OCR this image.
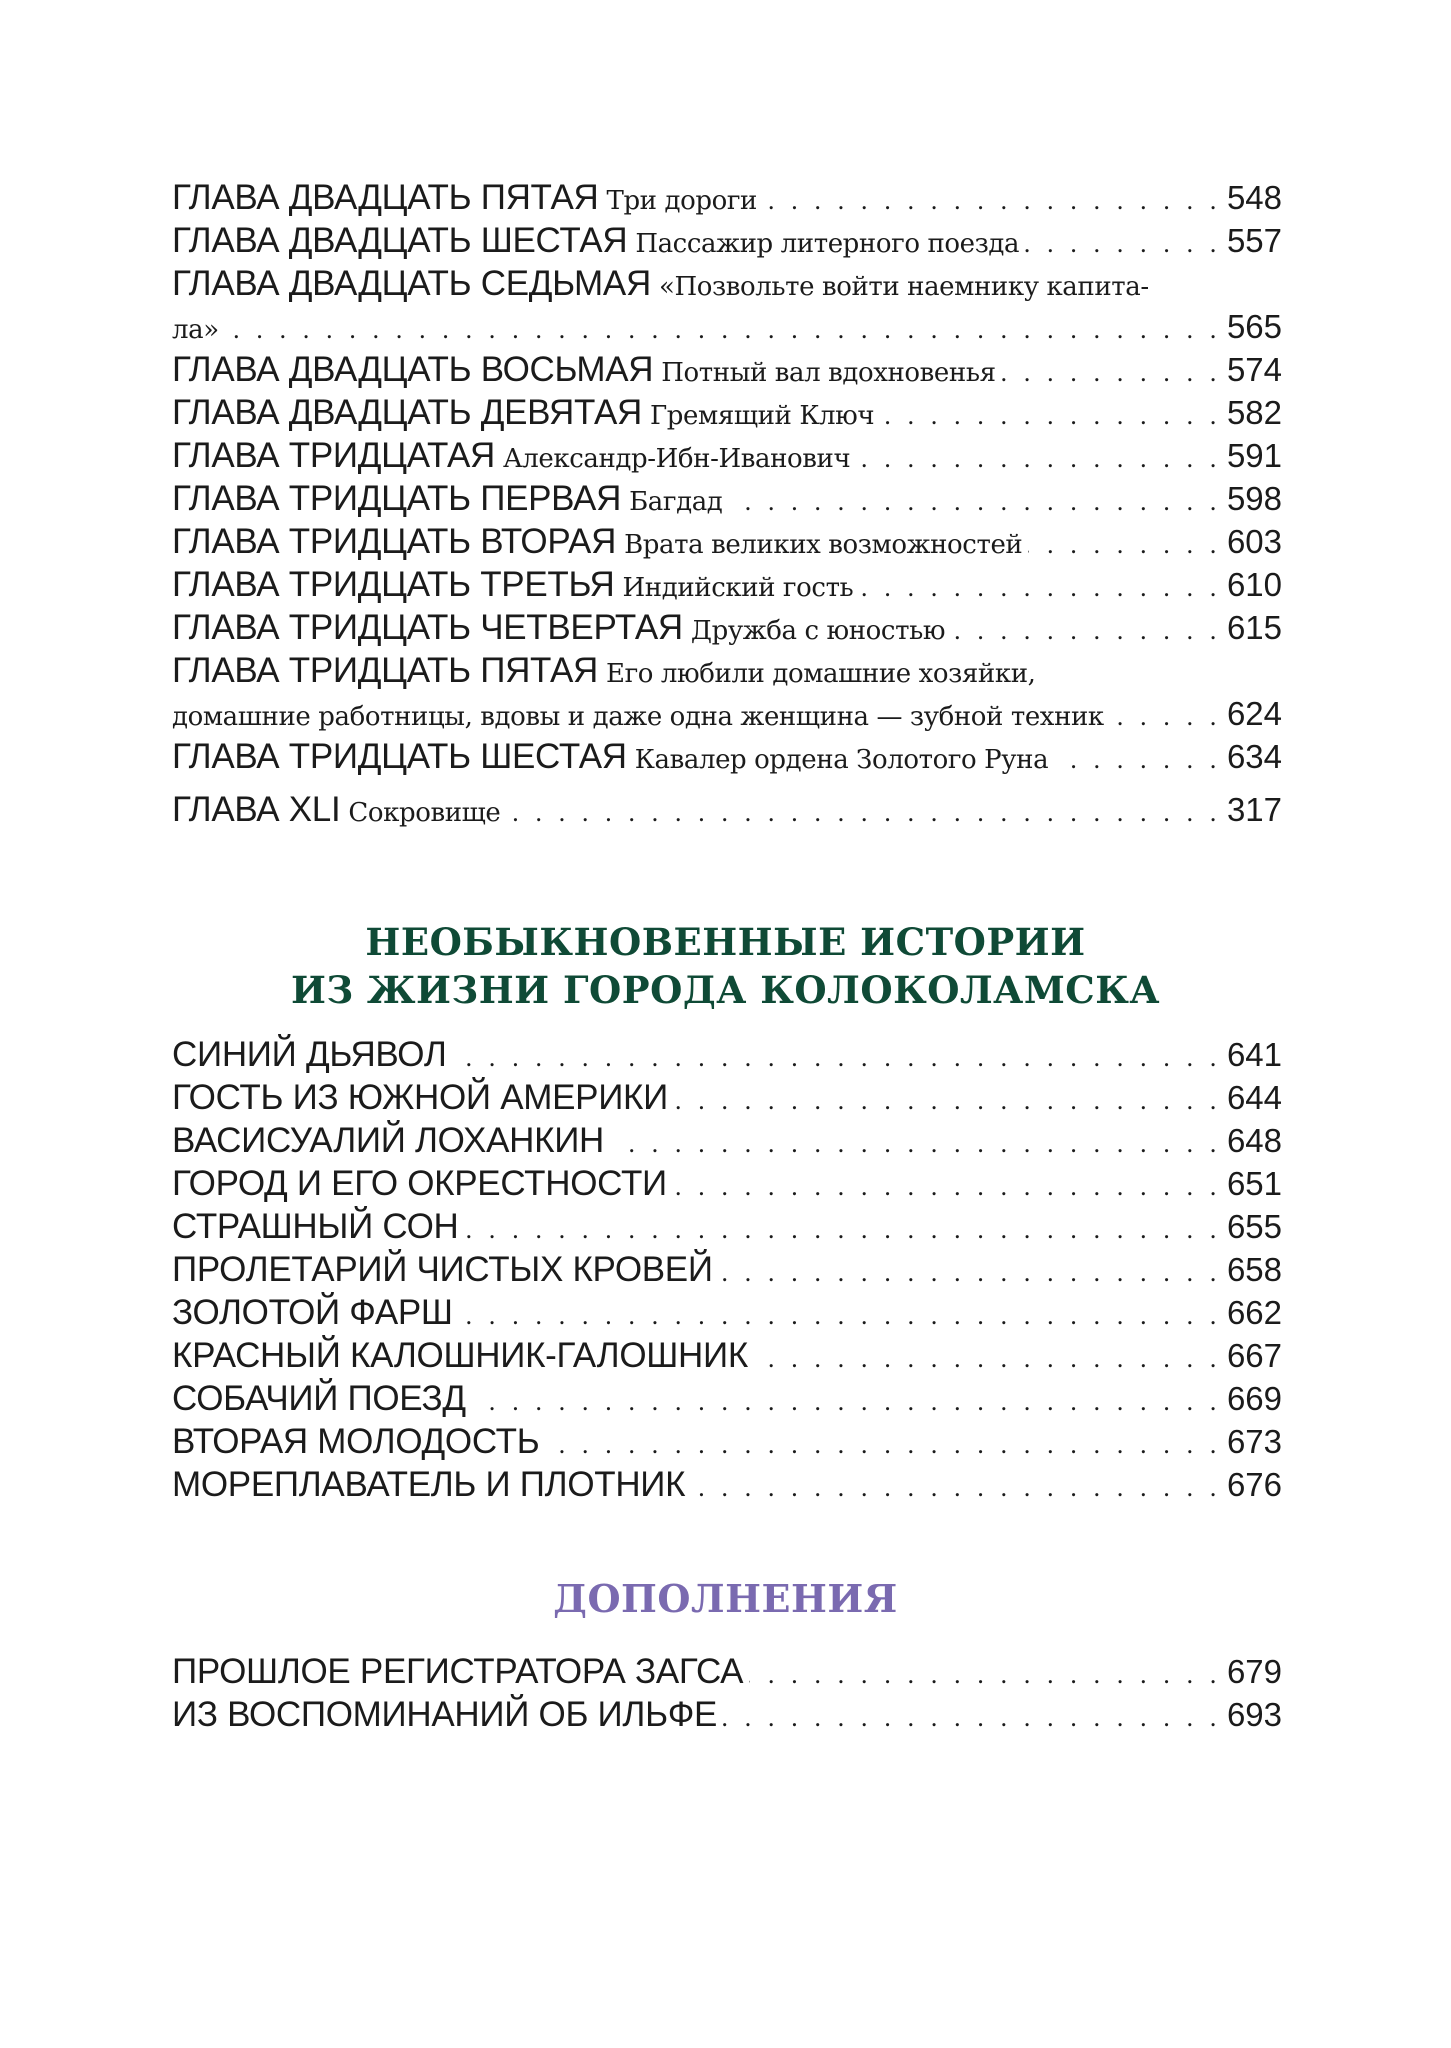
ГЛАВА ДВАДЦАТЬ ПЯТАЯ Три дороги . . .	548
ГЛАВА ДВАДЦАТЬ ШЕСТАЯ Пассажир литерного поезда . . .	557
ГЛАВА ДВАДЦАТЬ СЕДЬМАЯ «Позвольте войти наемнику капита-
ла» . . .	565
ГЛАВА ДВАДЦАТЬ ВОСЬМАЯ Потный вал вдохновенья . . .	574
ГЛАВА ДВАДЦАТЬ ДЕВЯТАЯ Гремящий Ключ . . .	582
ГЛАВА ТРИДЦАТАЯ Александр-Ибн-Иванович . . .	591
ГЛАВА ТРИДЦАТЬ ПЕРВАЯ Багдад . . .	598
ГЛАВА ТРИДЦАТЬ ВТОРАЯ Врата великих возможностей . . .	603
ГЛАВА ТРИДЦАТЬ ТРЕТЬЯ Индийский гость . . .	610
ГЛАВА ТРИДЦАТЬ ЧЕТВЕРТАЯ Дружба с юностью . . .	615
ГЛАВА ТРИДЦАТЬ ПЯТАЯ Его любили домашние хозяйки,
домашние работницы, вдовы и даже одна женщина — зубной техник . . .	624
ГЛАВА ТРИДЦАТЬ ШЕСТАЯ Кавалер ордена Золотого Руна . . .	634
ГЛАВА XLI Сокровище . . .	317
НЕОБЫКНОВЕННЫЕ ИСТОРИИ
ИЗ ЖИЗНИ ГОРОДА КОЛОКОЛАМСКА
СИНИЙ ДЬЯВОЛ . . .	641
ГОСТЬ ИЗ ЮЖНОЙ АМЕРИКИ . . .	644
ВАСИСУАЛИЙ ЛОХАНКИН . . .	648
ГОРОД И ЕГО ОКРЕСТНОСТИ . . .	651
СТРАШНЫЙ СОН . . .	655
ПРОЛЕТАРИЙ ЧИСТЫХ КРОВЕЙ . . .	658
ЗОЛОТОЙ ФАРШ . . .	662
КРАСНЫЙ КАЛОШНИК-ГАЛОШНИК . . .	667
СОБАЧИЙ ПОЕЗД . . .	669
ВТОРАЯ МОЛОДОСТЬ . . .	673
МОРЕПЛАВАТЕЛЬ И ПЛОТНИК . . .	676
ДОПОЛНЕНИЯ
ПРОШЛОЕ РЕГИСТРАТОРА ЗАГСА . . .	679
ИЗ ВОСПОМИНАНИЙ ОБ ИЛЬФЕ . . .	693
